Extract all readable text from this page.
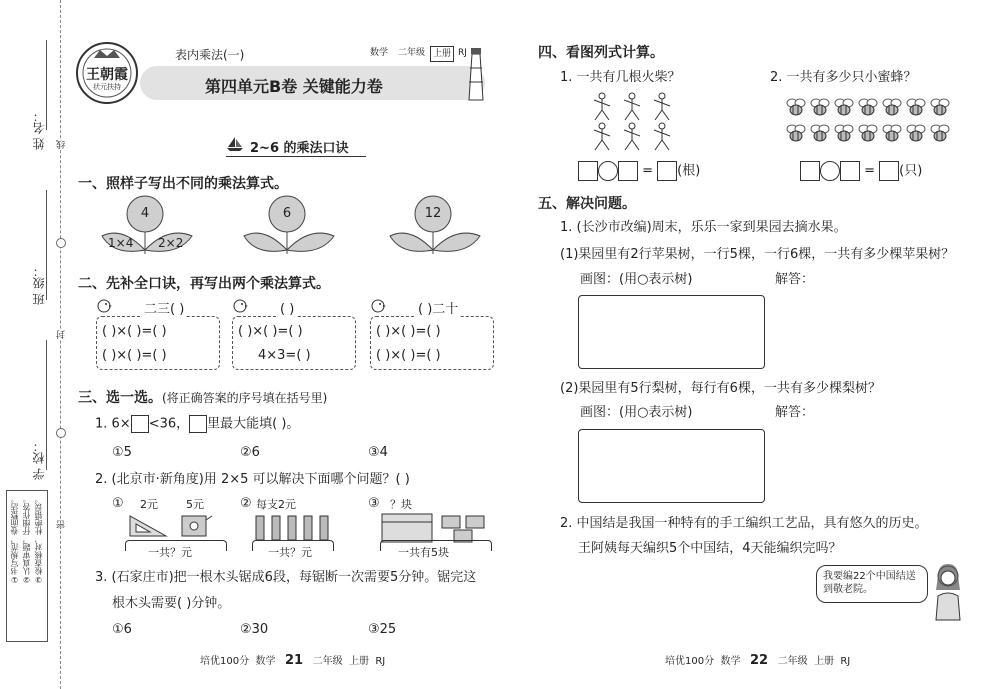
姓 名：
班 级：
学 校：
线
封
密
①书写规范，卷面整洁。 ②认真审题，仔细作答。 ③检查核对，杜绝错误。
王朝霞
状元扶持
表内乘法(一)	数学 二年级 上册 RJ
第四单元B卷 关键能力卷
2~6 的乘法口诀
一、照样子写出不同的乘法算式。
4
1×4 2×2
6	12
二、先补全口诀，再写出两个乘法算式。
二三( )
( )×( )=( )
( )×( )=( )
( )
( )×( )=( )
4×3=( )
( )二十
( )×( )=( )
( )×( )=( )
三、选一选。(将正确答案的序号填在括号里)
1. 6× <36， 里最大能填( )。
①5	②6	③4
2. (北京市·新角度)用 2×5 可以解决下面哪个问题？( )
① 2元	5元
一共？元
② 每支2元
一共？元
③ ？块
一共有5块
3. (石家庄市)把一根木头锯成6段，每锯断一次需要5分钟。锯完这
根木头需要( )分钟。
①6	②30	③25
培优100分 数学 21 二年级 上册 RJ
四、看图列式计算。
1. 一共有几根火柴？	2. 一共有多少只小蜜蜂？
= (根)	= (只)
五、解决问题。
1. (长沙市改编)周末，乐乐一家到果园去摘水果。
(1)果园里有2行苹果树，一行5棵，一行6棵，一共有多少棵苹果树？
画图：(用○表示树)	解答：
(2)果园里有5行梨树，每行有6棵，一共有多少棵梨树？
画图：(用○表示树)	解答：
2. 中国结是我国一种特有的手工编织工艺品，具有悠久的历史。
王阿姨每天编织5个中国结，4天能编织完吗？
我要编22个中国结送到敬老院。
培优100分 数学 22 二年级 上册 RJ
